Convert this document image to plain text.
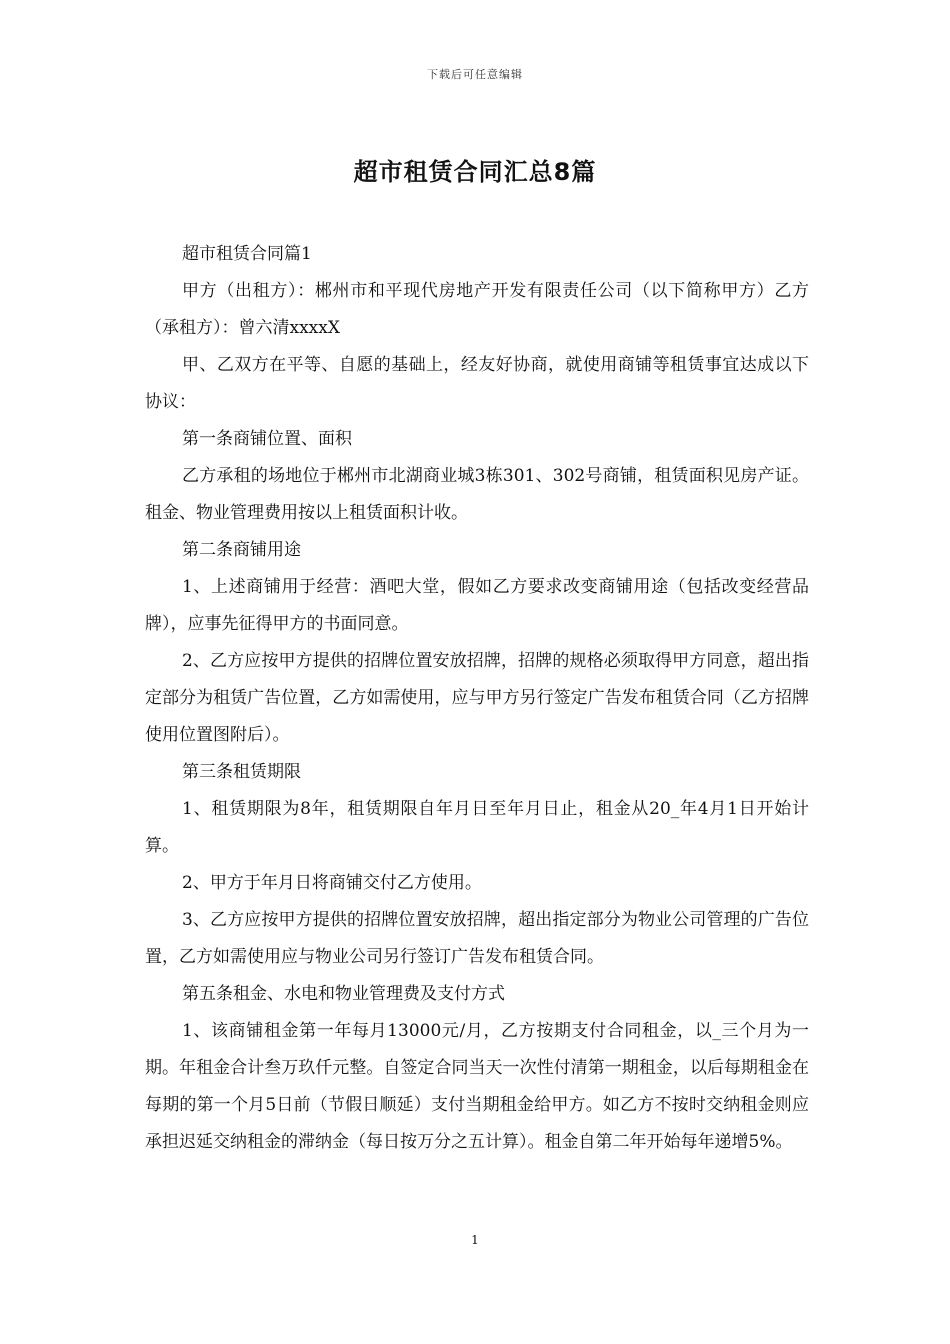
下载后可任意编辑
超市租赁合同汇总8篇

超市租赁合同篇1

甲方（出租方）：郴州市和平现代房地产开发有限责任公司（以下简称甲方）乙方（承租方）：曾六清xxxxX

甲、乙双方在平等、自愿的基础上，经友好协商，就使用商铺等租赁事宜达成以下协议：

第一条商铺位置、面积

乙方承租的场地位于郴州市北湖商业城3栋301、302号商铺，租赁面积见房产证。租金、物业管理费用按以上租赁面积计收。

第二条商铺用途

1、上述商铺用于经营：酒吧大堂，假如乙方要求改变商铺用途（包括改变经营品牌），应事先征得甲方的书面同意。

2、乙方应按甲方提供的招牌位置安放招牌，招牌的规格必须取得甲方同意，超出指定部分为租赁广告位置，乙方如需使用，应与甲方另行签定广告发布租赁合同（乙方招牌使用位置图附后）。

第三条租赁期限

1、租赁期限为8年，租赁期限自年月日至年月日止，租金从20_年4月1日开始计算。

2、甲方于年月日将商铺交付乙方使用。

3、乙方应按甲方提供的招牌位置安放招牌，超出指定部分为物业公司管理的广告位置，乙方如需使用应与物业公司另行签订广告发布租赁合同。

第五条租金、水电和物业管理费及支付方式

1、该商铺租金第一年每月13000元/月，乙方按期支付合同租金，以_三个月为一期。年租金合计叁万玖仟元整。自签定合同当天一次性付清第一期租金，以后每期租金在每期的第一个月5日前（节假日顺延）支付当期租金给甲方。如乙方不按时交纳租金则应承担迟延交纳租金的滞纳金（每日按万分之五计算）。租金自第二年开始每年递增5%。

1
